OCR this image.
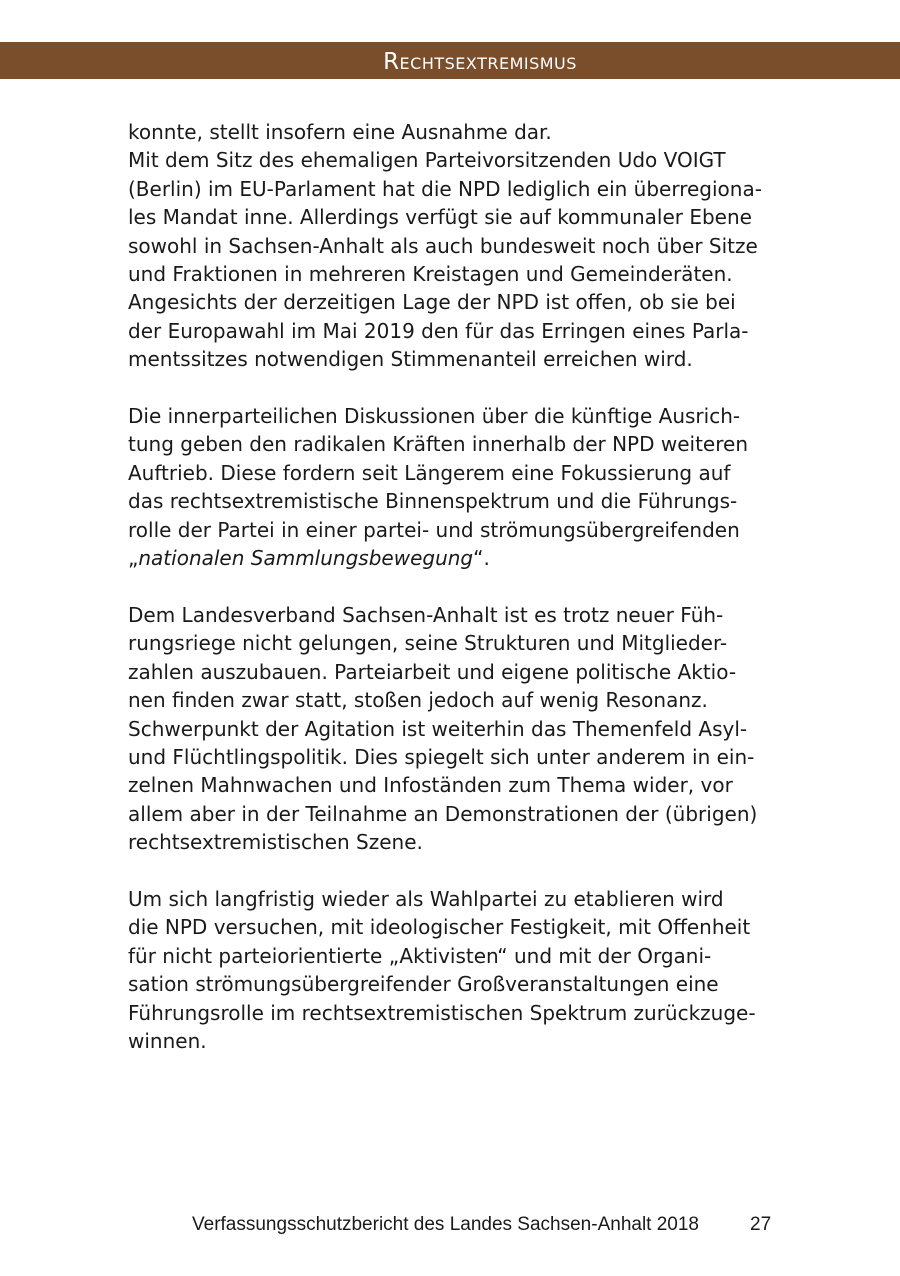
Rechtsextremismus

konnte, stellt insofern eine Ausnahme dar.
Mit dem Sitz des ehemaligen Parteivorsitzenden Udo VOIGT
(Berlin) im EU-Parlament hat die NPD lediglich ein überregiona-
les Mandat inne. Allerdings verfügt sie auf kommunaler Ebene
sowohl in Sachsen-Anhalt als auch bundesweit noch über Sitze
und Fraktionen in mehreren Kreistagen und Gemeinderäten.
Angesichts der derzeitigen Lage der NPD ist offen, ob sie bei
der Europawahl im Mai 2019 den für das Erringen eines Parla-
mentssitzes notwendigen Stimmenanteil erreichen wird.

Die innerparteilichen Diskussionen über die künftige Ausrich-
tung geben den radikalen Kräften innerhalb der NPD weiteren
Auftrieb. Diese fordern seit Längerem eine Fokussierung auf
das rechtsextremistische Binnenspektrum und die Führungs-
rolle der Partei in einer partei- und strömungsübergreifenden
„nationalen Sammlungsbewegung“.

Dem Landesverband Sachsen-Anhalt ist es trotz neuer Füh-
rungsriege nicht gelungen, seine Strukturen und Mitglieder-
zahlen auszubauen. Parteiarbeit und eigene politische Aktio-
nen finden zwar statt, stoßen jedoch auf wenig Resonanz.
Schwerpunkt der Agitation ist weiterhin das Themenfeld Asyl-
und Flüchtlingspolitik. Dies spiegelt sich unter anderem in ein-
zelnen Mahnwachen und Infoständen zum Thema wider, vor
allem aber in der Teilnahme an Demonstrationen der (übrigen)
rechtsextremistischen Szene.

Um sich langfristig wieder als Wahlpartei zu etablieren wird
die NPD versuchen, mit ideologischer Festigkeit, mit Offenheit
für nicht parteiorientierte „Aktivisten“ und mit der Organi-
sation strömungsübergreifender Großveranstaltungen eine
Führungsrolle im rechtsextremistischen Spektrum zurückzuge-
winnen.

Verfassungsschutzbericht des Landes Sachsen-Anhalt 2018	27
